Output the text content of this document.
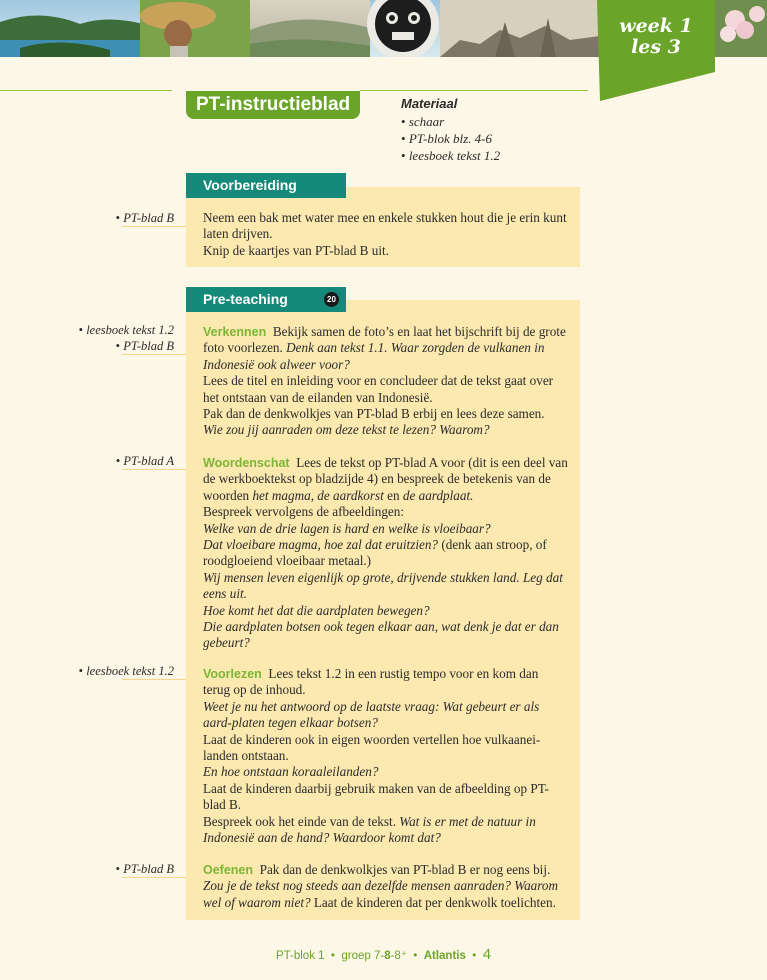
week 1
les 3
PT-instructieblad	Materiaal
• schaar
• PT-blok blz. 4-6
• leesboek tekst 1.2
Voorbereiding
• PT-blad B Neem een bak met water mee en enkele stukken hout die je erin kunt laten drijven.

Knip de kaartjes van PT-blad B uit.

Pre-teaching	20
• leesboek tekst 1.2
• PT-blad B

Verkennen Bekijk samen de foto’s en laat het bijschrift bij de grote foto voorlezen. Denk aan tekst 1.1. Waar zorgden de vulkanen in Indonesië ook alweer voor?

Lees de titel en inleiding voor en concludeer dat de tekst gaat over het ontstaan van de eilanden van Indonesië.

Pak dan de denkwolkjes van PT-blad B erbij en lees deze samen.

Wie zou jij aanraden om deze tekst te lezen? Waarom?

• PT-blad A Woordenschat Lees de tekst op PT-blad A voor (dit is een deel van de werkboektekst op bladzijde 4) en bespreek de betekenis van de woorden het magma, de aardkorst en de aardplaat.

Bespreek vervolgens de afbeeldingen:

Welke van de drie lagen is hard en welke is vloeibaar?

Dat vloeibare magma, hoe zal dat eruitzien? (denk aan stroop, of roodgloeiend vloeibaar metaal.)

Wij mensen leven eigenlijk op grote, drijvende stukken land. Leg dat eens uit.

Hoe komt het dat die aardplaten bewegen?

Die aardplaten botsen ook tegen elkaar aan, wat denk je dat er dan gebeurt?

• leesboek tekst 1.2 Voorlezen Lees tekst 1.2 in een rustig tempo voor en kom dan terug op de inhoud.

Weet je nu het antwoord op de laatste vraag: Wat gebeurt er als aard-platen tegen elkaar botsen?

Laat de kinderen ook in eigen woorden vertellen hoe vulkaanei-landen ontstaan.

En hoe ontstaan koraaleilanden?

Laat de kinderen daarbij gebruik maken van de afbeelding op PT-blad B.

Bespreek ook het einde van de tekst. Wat is er met de natuur in Indonesië aan de hand? Waardoor komt dat?

• PT-blad B Oefenen Pak dan de denkwolkjes van PT-blad B er nog eens bij.

Zou je de tekst nog steeds aan dezelfde mensen aanraden? Waarom wel of waarom niet? Laat de kinderen dat per denkwolk toelichten.

PT-blok 1 • groep 7-8-8⁺ • Atlantis • 4
